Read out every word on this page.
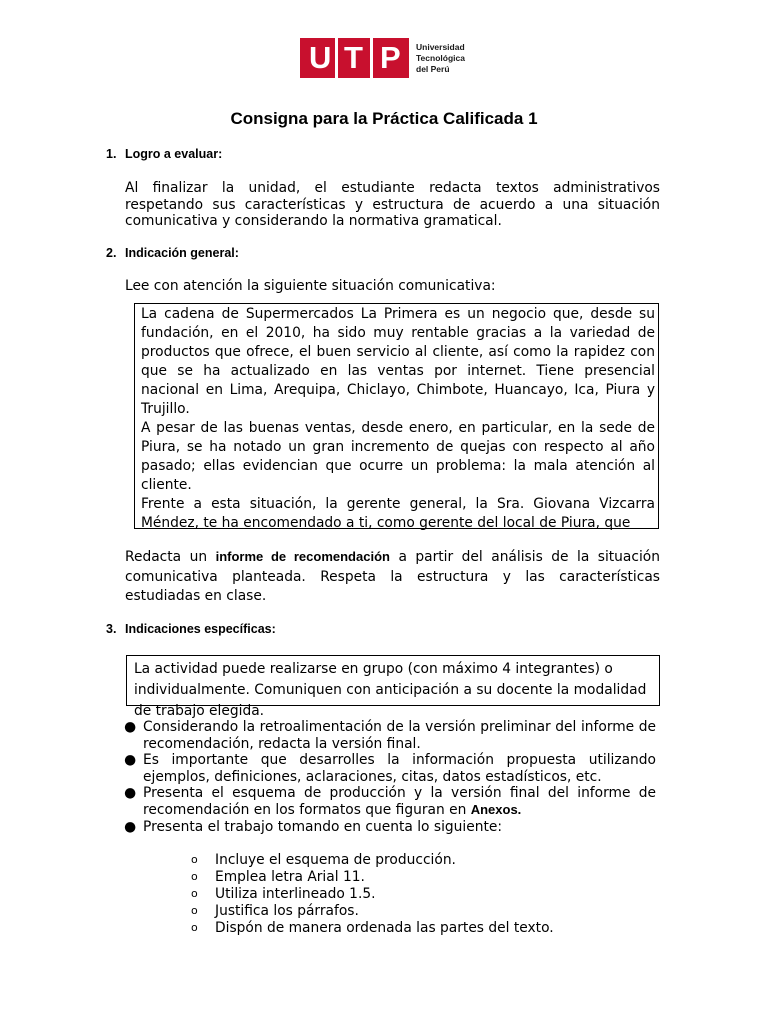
U T P Universidad
Tecnológica
del Perú
Consigna para la Práctica Calificada 1
1. Logro a evaluar:
Al finalizar la unidad, el estudiante redacta textos administrativos respetando sus características y estructura de acuerdo a una situación comunicativa y considerando la normativa gramatical.
2. Indicación general:
Lee con atención la siguiente situación comunicativa:

La cadena de Supermercados La Primera es un negocio que, desde su fundación, en el 2010, ha sido muy rentable gracias a la variedad de productos que ofrece, el buen servicio al cliente, así como la rapidez con que se ha actualizado en las ventas por internet. Tiene presencial nacional en Lima, Arequipa, Chiclayo, Chimbote, Huancayo, Ica, Piura y Trujillo.

A pesar de las buenas ventas, desde enero, en particular, en la sede de Piura, se ha notado un gran incremento de quejas con respecto al año pasado; ellas evidencian que ocurre un problema: la mala atención al cliente.

Frente a esta situación, la gerente general, la Sra. Giovana Vizcarra Méndez, te ha encomendado a ti, como gerente del local de Piura, que

Redacta un informe de recomendación a partir del análisis de la situación comunicativa planteada. Respeta la estructura y las características estudiadas en clase.
3. Indicaciones específicas:
La actividad puede realizarse en grupo (con máximo 4 integrantes) o individualmente. Comuniquen con anticipación a su docente la modalidad de trabajo elegida.
● Considerando la retroalimentación de la versión preliminar del informe de recomendación, redacta la versión final.
● Es importante que desarrolles la información propuesta utilizando ejemplos, definiciones, aclaraciones, citas, datos estadísticos, etc.
● Presenta el esquema de producción y la versión final del informe de recomendación en los formatos que figuran en Anexos.
● Presenta el trabajo tomando en cuenta lo siguiente:
o Incluye el esquema de producción.
o Emplea letra Arial 11.
o Utiliza interlineado 1.5.
o Justifica los párrafos.
o Dispón de manera ordenada las partes del texto.
